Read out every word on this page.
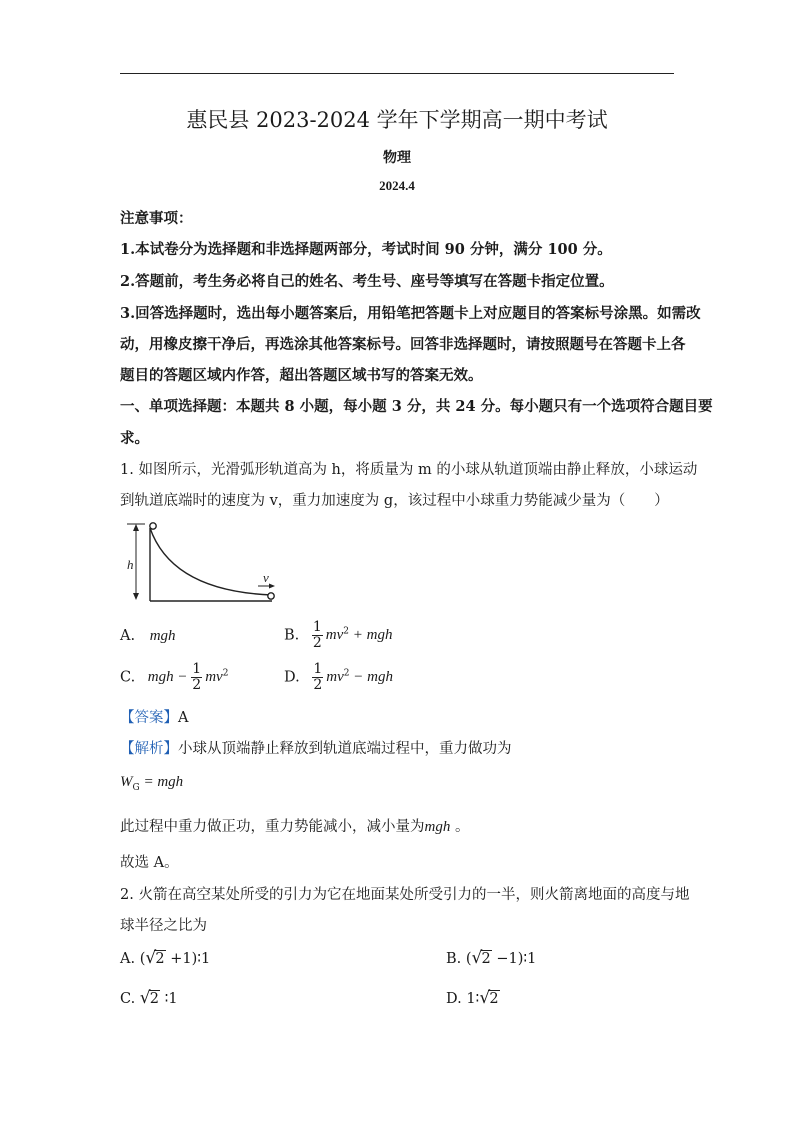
惠民县 2023-2024 学年下学期高一期中考试
物理
2024.4
注意事项：
1.本试卷分为选择题和非选择题两部分，考试时间 90 分钟，满分 100 分。
2.答题前，考生务必将自己的姓名、考生号、座号等填写在答题卡指定位置。
3.回答选择题时，选出每小题答案后，用铅笔把答题卡上对应题目的答案标号涂黑。如需改
动，用橡皮擦干净后，再选涂其他答案标号。回答非选择题时，请按照题号在答题卡上各
题目的答题区域内作答，超出答题区域书写的答案无效。
一、单项选择题：本题共 8 小题，每小题 3 分，共 24 分。每小题只有一个选项符合题目要
求。
1. 如图所示，光滑弧形轨道高为 h，将质量为 m 的小球从轨道顶端由静止释放，小球运动
到轨道底端时的速度为 v，重力加速度为 g，该过程中小球重力势能减少量为（　　）
h
v
A. mgh	B. $\frac{1}{2} mv^2$ + mgh
C. mgh − $\frac{1}{2} mv^2$	D. $\frac{1}{2} mv^2$ − mgh
【答案】A
【解析】小球从顶端静止释放到轨道底端过程中，重力做功为
$W_G$ = mgh
此过程中重力做正功，重力势能减小，减小量为mgh 。
故选 A。
2. 火箭在高空某处所受的引力为它在地面某处所受引力的一半，则火箭离地面的高度与地
球半径之比为
A. ( √ 2 +1)∶1	B. ( √ 2 −1)∶1
C. √ 2 ∶1	D. 1∶ √ 2
